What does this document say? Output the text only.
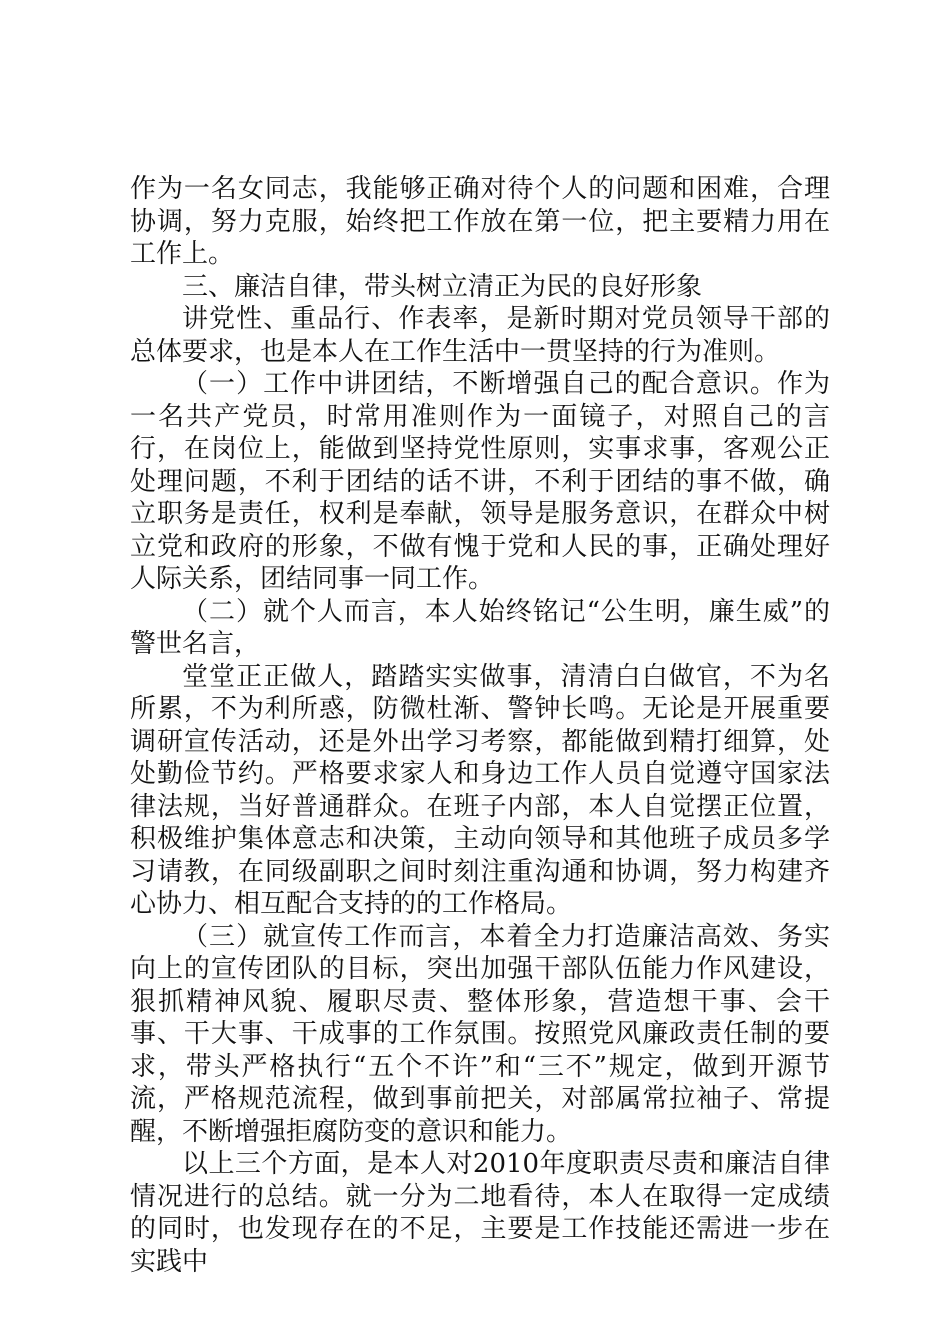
作为一名女同志，我能够正确对待个人的问题和困难，合理协调，努力克服，始终把工作放在第一位，把主要精力用在工作上。

三、廉洁自律，带头树立清正为民的良好形象

讲党性、重品行、作表率，是新时期对党员领导干部的总体要求，也是本人在工作生活中一贯坚持的行为准则。

（一）工作中讲团结，不断增强自己的配合意识。作为一名共产党员，时常用准则作为一面镜子，对照自己的言行，在岗位上，能做到坚持党性原则，实事求事，客观公正处理问题，不利于团结的话不讲，不利于团结的事不做，确立职务是责任，权利是奉献，领导是服务意识，在群众中树立党和政府的形象，不做有愧于党和人民的事，正确处理好人际关系，团结同事一同工作。

（二）就个人而言，本人始终铭记“公生明，廉生威”的警世名言，

堂堂正正做人，踏踏实实做事，清清白白做官，不为名所累，不为利所惑，防微杜渐、警钟长鸣。无论是开展重要调研宣传活动，还是外出学习考察，都能做到精打细算，处处勤俭节约。严格要求家人和身边工作人员自觉遵守国家法律法规，当好普通群众。在班子内部，本人自觉摆正位置，积极维护集体意志和决策，主动向领导和其他班子成员多学习请教，在同级副职之间时刻注重沟通和协调，努力构建齐心协力、相互配合支持的的工作格局。

（三）就宣传工作而言，本着全力打造廉洁高效、务实向上的宣传团队的目标，突出加强干部队伍能力作风建设，狠抓精神风貌、履职尽责、整体形象，营造想干事、会干事、干大事、干成事的工作氛围。按照党风廉政责任制的要求，带头严格执行“五个不许”和“三不”规定，做到开源节流，严格规范流程，做到事前把关，对部属常拉袖子、常提醒，不断增强拒腐防变的意识和能力。

以上三个方面，是本人对2010年度职责尽责和廉洁自律情况进行的总结。就一分为二地看待，本人在取得一定成绩的同时，也发现存在的不足，主要是工作技能还需进一步在实践中
